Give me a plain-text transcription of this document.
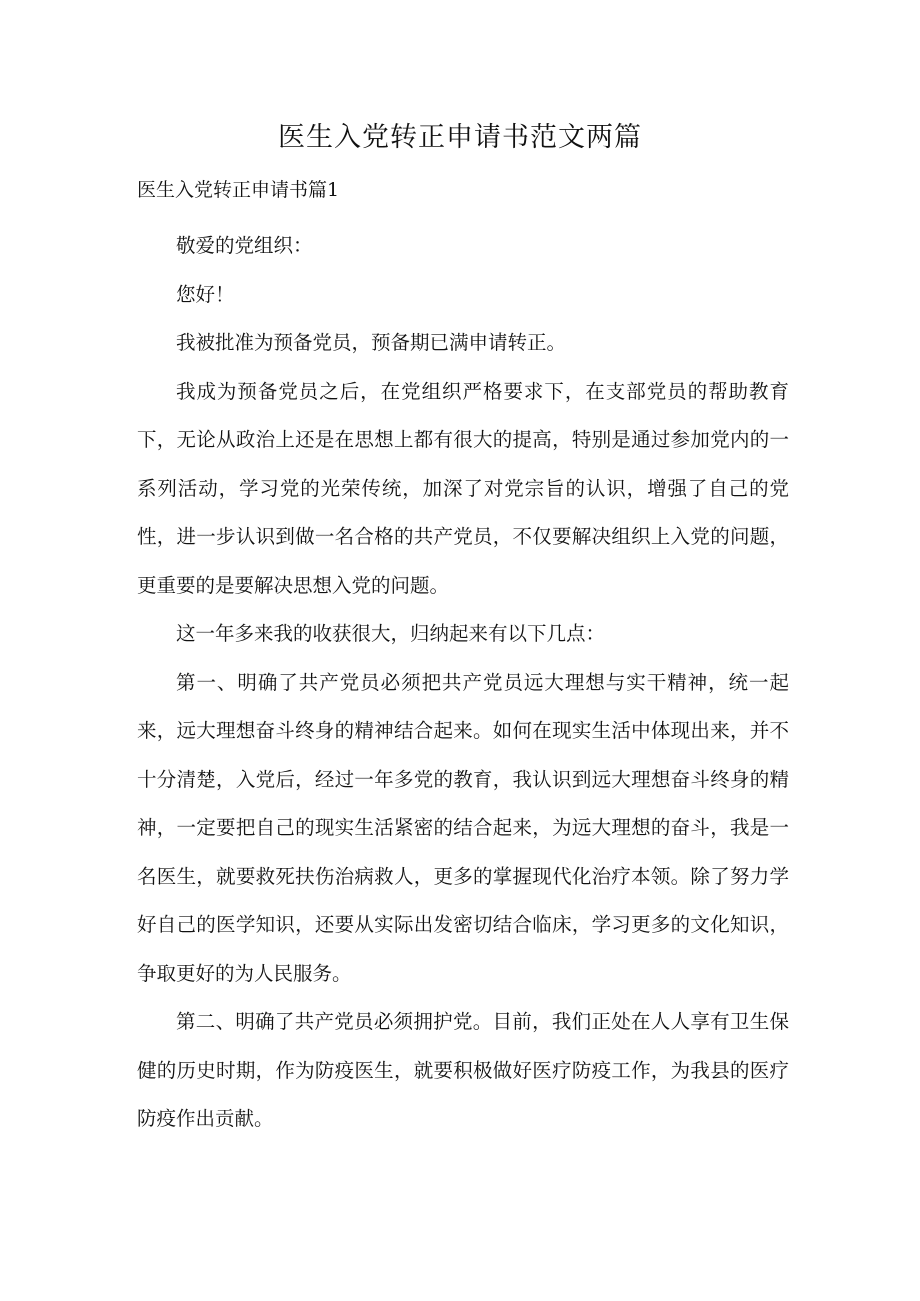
医生入党转正申请书范文两篇
医生入党转正申请书篇1

敬爱的党组织：

您好！

我被批准为预备党员，预备期已满申请转正。

我成为预备党员之后，在党组织严格要求下，在支部党员的帮助教育下，无论从政治上还是在思想上都有很大的提高，特别是通过参加党内的一系列活动，学习党的光荣传统，加深了对党宗旨的认识，增强了自己的党性，进一步认识到做一名合格的共产党员，不仅要解决组织上入党的问题，更重要的是要解决思想入党的问题。

这一年多来我的收获很大，归纳起来有以下几点：

第一、明确了共产党员必须把共产党员远大理想与实干精神，统一起来，远大理想奋斗终身的精神结合起来。如何在现实生活中体现出来，并不十分清楚，入党后，经过一年多党的教育，我认识到远大理想奋斗终身的精神，一定要把自己的现实生活紧密的结合起来，为远大理想的奋斗，我是一名医生，就要救死扶伤治病救人，更多的掌握现代化治疗本领。除了努力学好自己的医学知识，还要从实际出发密切结合临床，学习更多的文化知识，争取更好的为人民服务。

第二、明确了共产党员必须拥护党。目前，我们正处在人人享有卫生保健的历史时期，作为防疫医生，就要积极做好医疗防疫工作，为我县的医疗防疫作出贡献。
